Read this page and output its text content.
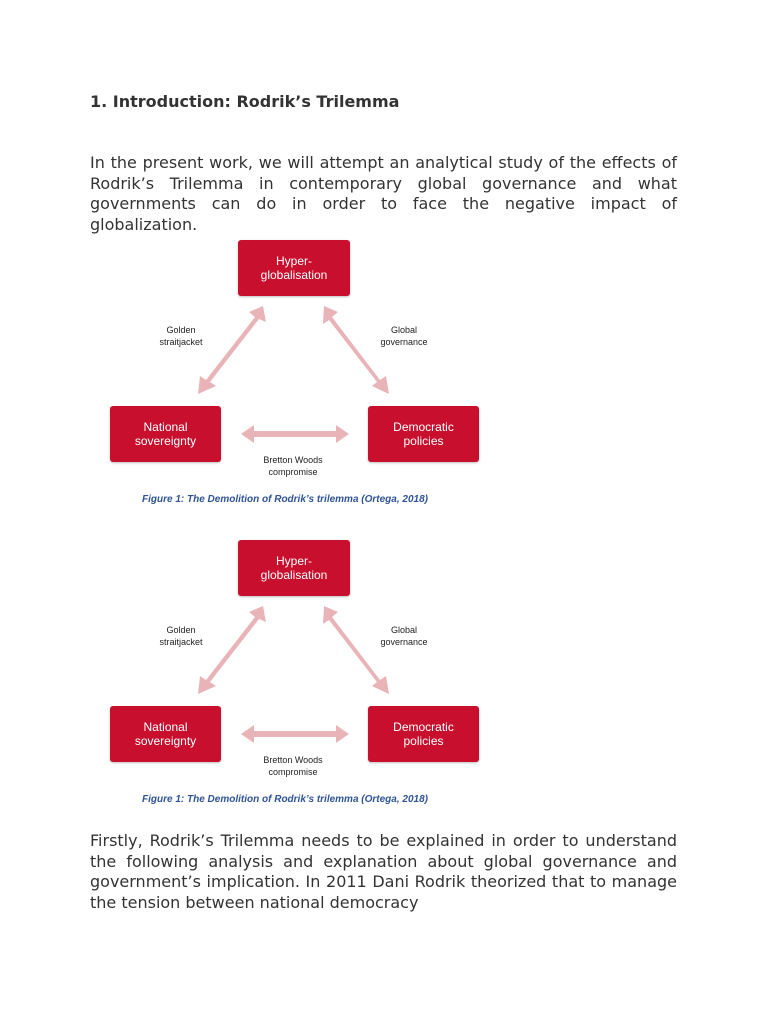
1. Introduction: Rodrik’s Trilemma

In the present work, we will attempt an analytical study of the effects of Rodrik’s Trilemma in contemporary global governance and what governments can do in order to face the negative impact of globalization.

Hyper-
globalisation
National
sovereignty
Democratic
policies
Golden
straitjacket
Global
governance
Bretton Woods
compromise
Figure 1: The Demolition of Rodrik’s trilemma (Ortega, 2018)
Hyper-
globalisation
National
sovereignty
Democratic
policies
Golden
straitjacket
Global
governance
Bretton Woods
compromise
Figure 1: The Demolition of Rodrik’s trilemma (Ortega, 2018)

Firstly, Rodrik’s Trilemma needs to be explained in order to understand the following analysis and explanation about global governance and government’s implication. In 2011 Dani Rodrik theorized that to manage the tension between national democracy
